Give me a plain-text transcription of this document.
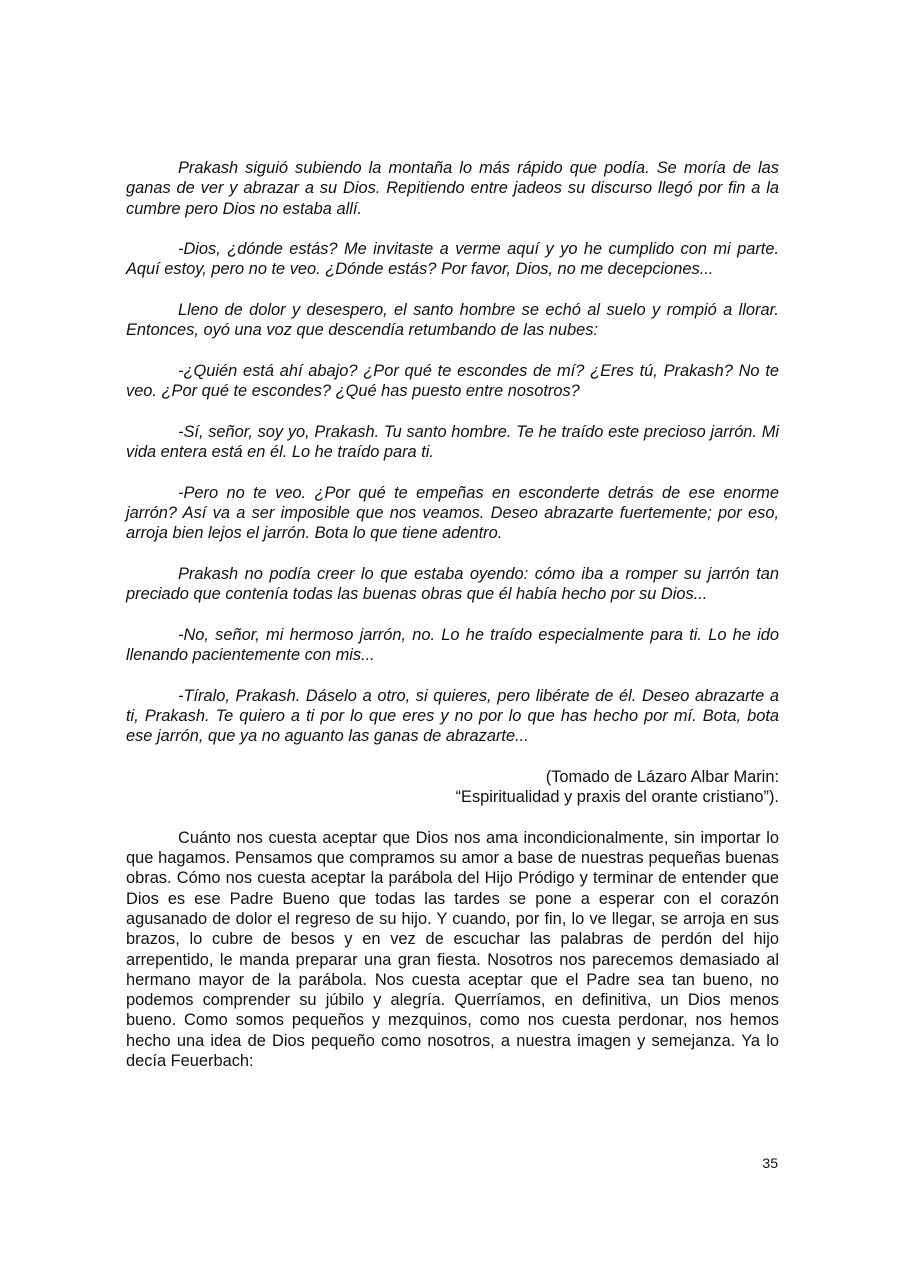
Prakash siguió subiendo la montaña lo más rápido que podía. Se moría de las ganas de ver y abrazar a su Dios. Repitiendo entre jadeos su discurso llegó por fin a la cumbre pero Dios no estaba allí.

-Dios, ¿dónde estás? Me invitaste a verme aquí y yo he cumplido con mi parte. Aquí estoy, pero no te veo. ¿Dónde estás? Por favor, Dios, no me decepciones...

Lleno de dolor y desespero, el santo hombre se echó al suelo y rompió a llorar. Entonces, oyó una voz que descendía retumbando de las nubes:

-¿Quién está ahí abajo? ¿Por qué te escondes de mí? ¿Eres tú, Prakash? No te veo. ¿Por qué te escondes? ¿Qué has puesto entre nosotros?

-Sí, señor, soy yo, Prakash. Tu santo hombre. Te he traído este precioso jarrón. Mi vida entera está en él. Lo he traído para ti.

-Pero no te veo. ¿Por qué te empeñas en esconderte detrás de ese enorme jarrón? Así va a ser imposible que nos veamos. Deseo abrazarte fuertemente; por eso, arroja bien lejos el jarrón. Bota lo que tiene adentro.

Prakash no podía creer lo que estaba oyendo: cómo iba a romper su jarrón tan preciado que contenía todas las buenas obras que él había hecho por su Dios...

-No, señor, mi hermoso jarrón, no. Lo he traído especialmente para ti. Lo he ido llenando pacientemente con mis...

-Tíralo, Prakash. Dáselo a otro, si quieres, pero libérate de él. Deseo abrazarte a ti, Prakash. Te quiero a ti por lo que eres y no por lo que has hecho por mí. Bota, bota ese jarrón, que ya no aguanto las ganas de abrazarte...

(Tomado de Lázaro Albar Marin:
“Espiritualidad y praxis del orante cristiano”).

Cuánto nos cuesta aceptar que Dios nos ama incondicionalmente, sin importar lo que hagamos. Pensamos que compramos su amor a base de nuestras pequeñas buenas obras. Cómo nos cuesta aceptar la parábola del Hijo Pródigo y terminar de entender que Dios es ese Padre Bueno que todas las tardes se pone a esperar con el corazón agusanado de dolor el regreso de su hijo. Y cuando, por fin, lo ve llegar, se arroja en sus brazos, lo cubre de besos y en vez de escuchar las palabras de perdón del hijo arrepentido, le manda preparar una gran fiesta. Nosotros nos parecemos demasiado al hermano mayor de la parábola. Nos cuesta aceptar que el Padre sea tan bueno, no podemos comprender su júbilo y alegría. Querríamos, en definitiva, un Dios menos bueno. Como somos pequeños y mezquinos, como nos cuesta perdonar, nos hemos hecho una idea de Dios pequeño como nosotros, a nuestra imagen y semejanza. Ya lo decía Feuerbach:

35
